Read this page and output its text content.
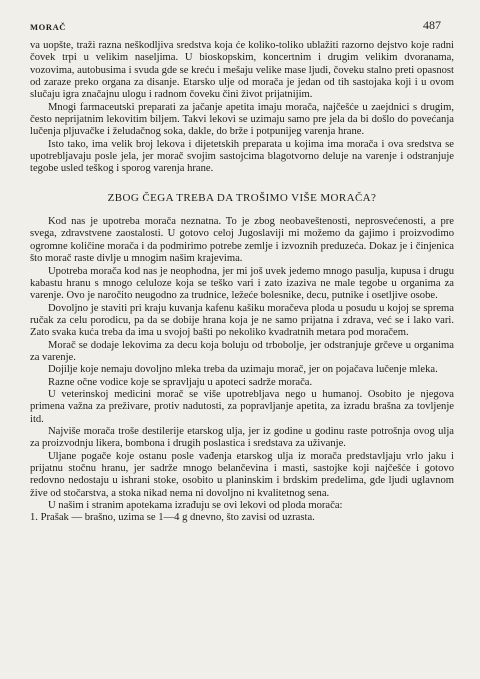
MORAČ	487

va uopšte, traži razna neškodljiva sredstva koja će koliko-toliko ublažiti razorno dejstvo koje radni čovek trpi u velikim naseljima. U bioskopskim, koncertnim i drugim velikim dvoranama, vozovima, autobusima i svuda gde se kreću i mešaju velike mase ljudi, čoveku stalno preti opasnost od zaraze preko organa za disanje. Etarsko ulje od morača je jedan od tih sastojaka koji i u ovom slučaju igra značajnu ulogu i radnom čoveku čini život prijatnijim.

Mnogi farmaceutski preparati za jačanje apetita imaju morača, najčešće u zaejdnici s drugim, često neprijatnim lekovitim biljem. Takvi lekovi se uzimaju samo pre jela da bi došlo do povećanja lučenja pljuvačke i želudačnog soka, dakle, do brže i potpunijeg varenja hrane.

Isto tako, ima velik broj lekova i dijetetskih preparata u kojima ima morača i ova sredstva se upotrebljavaju posle jela, jer morač svojim sastojcima blagotvorno deluje na varenje i odstranjuje tegobe usled teškog i sporog varenja hrane.

ZBOG ČEGA TREBA DA TROŠIMO VIŠE MORAČA?

Kod nas je upotreba morača neznatna. To je zbog neobaveštenosti, neprosvećenosti, a pre svega, zdravstvene zaostalosti. U gotovo celoj Jugoslaviji mi možemo da gajimo i proizvodimo ogromne količine morača i da podmirimo potrebe zemlje i izvoznih preduzeća. Dokaz je i činjenica što morač raste divlje u mnogim našim krajevima.

Upotreba morača kod nas je neophodna, jer mi još uvek jedemo mnogo pasulja, kupusa i drugu kabastu hranu s mnogo celuloze koja se teško vari i zato izaziva ne male tegobe u organima za varenje. Ovo je naročito neugodno za trudnice, ležeće bolesnike, decu, putnike i osetljive osobe.

Dovoljno je staviti pri kraju kuvanja kafenu kašiku moračeva ploda u posudu u kojoj se sprema ručak za celu porodicu, pa da se dobije hrana koja je ne samo prijatna i zdrava, već se i lako vari. Zato svaka kuća treba da ima u svojoj bašti po nekoliko kvadratnih metara pod moračem.

Morač se dodaje lekovima za decu koja boluju od trbobolje, jer odstranjuje grčeve u organima za varenje.

Dojilje koje nemaju dovoljno mleka treba da uzimaju morač, jer on pojačava lučenje mleka.

Razne očne vodice koje se spravljaju u apoteci sadrže morača.

U veterinskoj medicini morač se više upotrebljava nego u humanoj. Osobito je njegova primena važna za preživare, protiv nadutosti, za popravljanje apetita, za izradu brašna za tovljenje itd.

Najviše morača troše destilerije etarskog ulja, jer iz godine u godinu raste potrošnja ovog ulja za proizvodnju likera, bombona i drugih poslastica i sredstava za uživanje.

Uljane pogače koje ostanu posle vađenja etarskog ulja iz morača predstavljaju vrlo jaku i prijatnu stočnu hranu, jer sadrže mnogo belančevina i masti, sastojke koji najčešće i gotovo redovno nedostaju u ishrani stoke, osobito u planinskim i brdskim predelima, gde ljudi uglavnom žive od stočarstva, a stoka nikad nema ni dovoljno ni kvalitetnog sena.

U našim i stranim apotekama izrađuju se ovi lekovi od ploda morača:

1. Prašak — brašno, uzima se 1—4 g dnevno, što zavisi od uzrasta.
